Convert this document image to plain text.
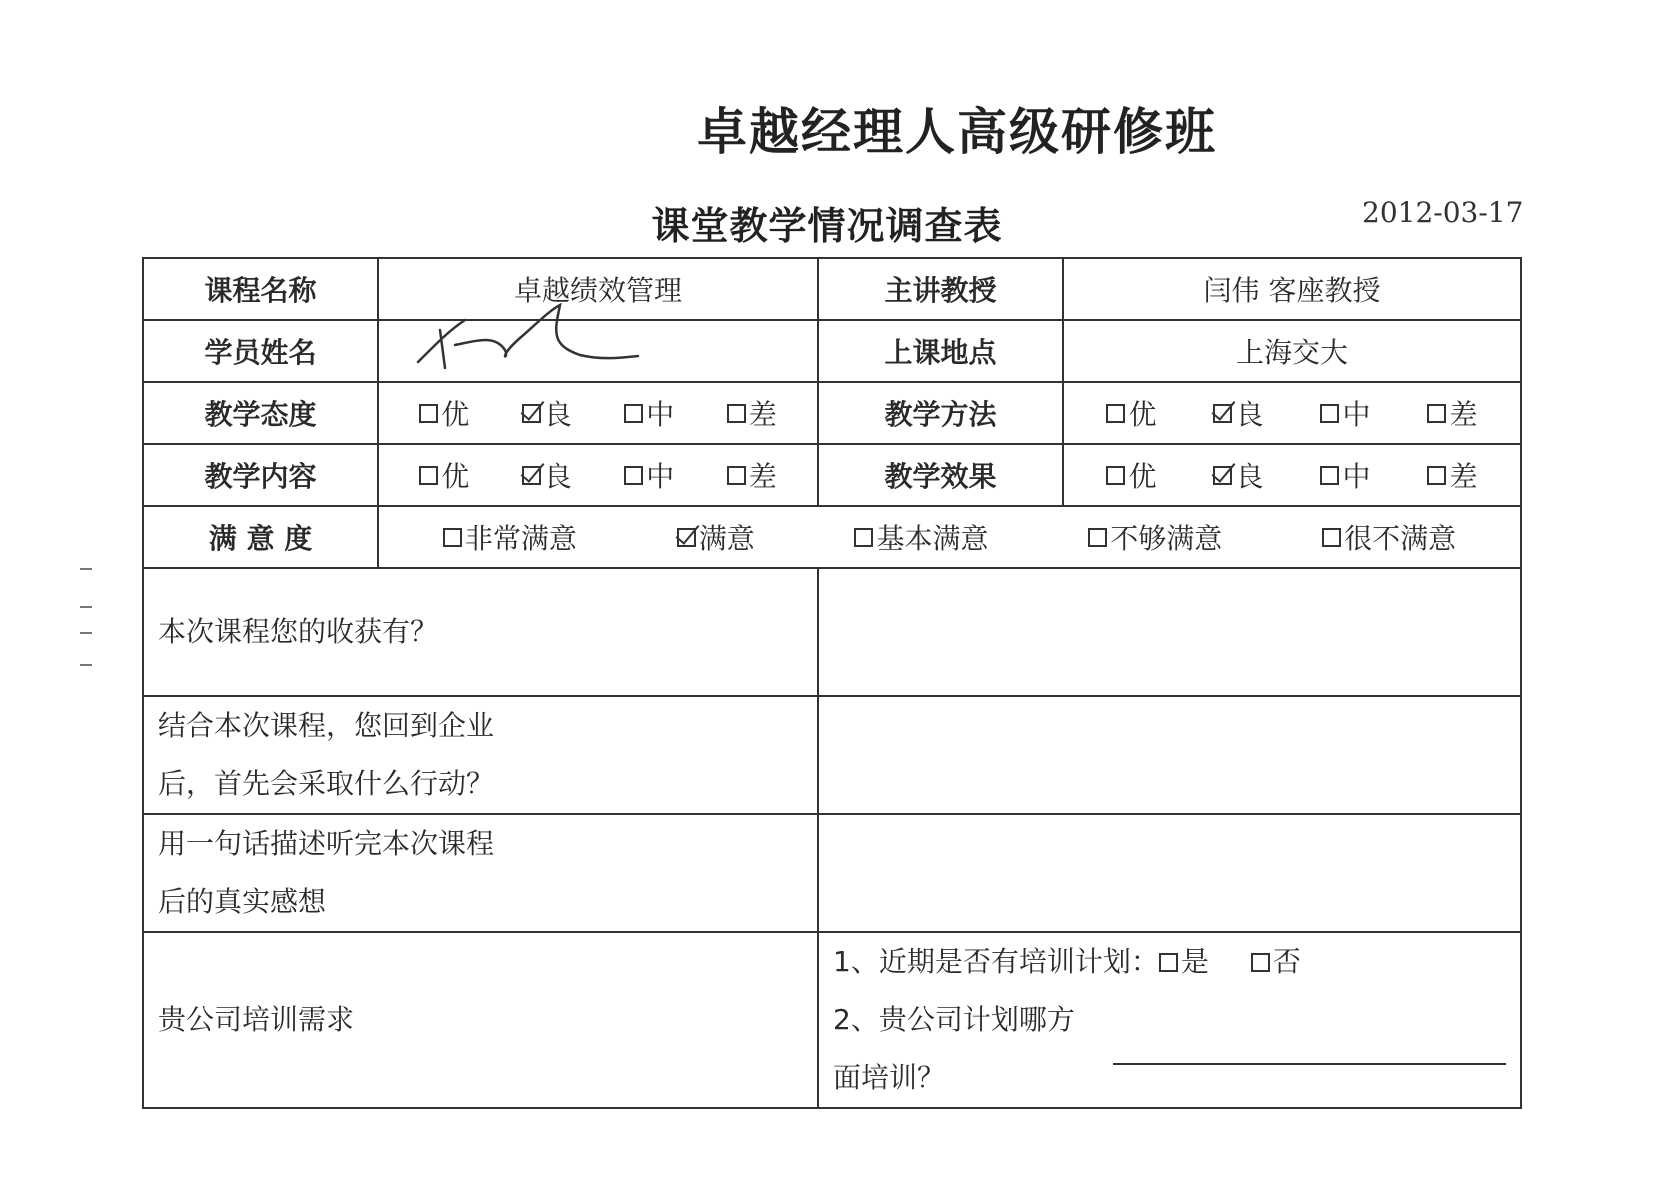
卓越经理人高级研修班
课堂教学情况调查表	2012-03-17
课程名称	卓越绩效管理	主讲教授	闫伟 客座教授
学员姓名		上课地点	上海交大
教学态度	优 良 中 差	教学方法	优 良 中 差

教学内容	优 良 中 差	教学效果	优 良 中 差

满 意 度	非常满意 满意 基本满意 不够满意 很不满意		

本次课程您的收获有？			

结合本次课程，您回到企业
后，首先会采取什么行动？			

用一句话描述听完本次课程
后的真实感想			

贵公司培训需求		1、近期是否有培训计划： 是 否
2、贵公司计划哪方面培训？	
